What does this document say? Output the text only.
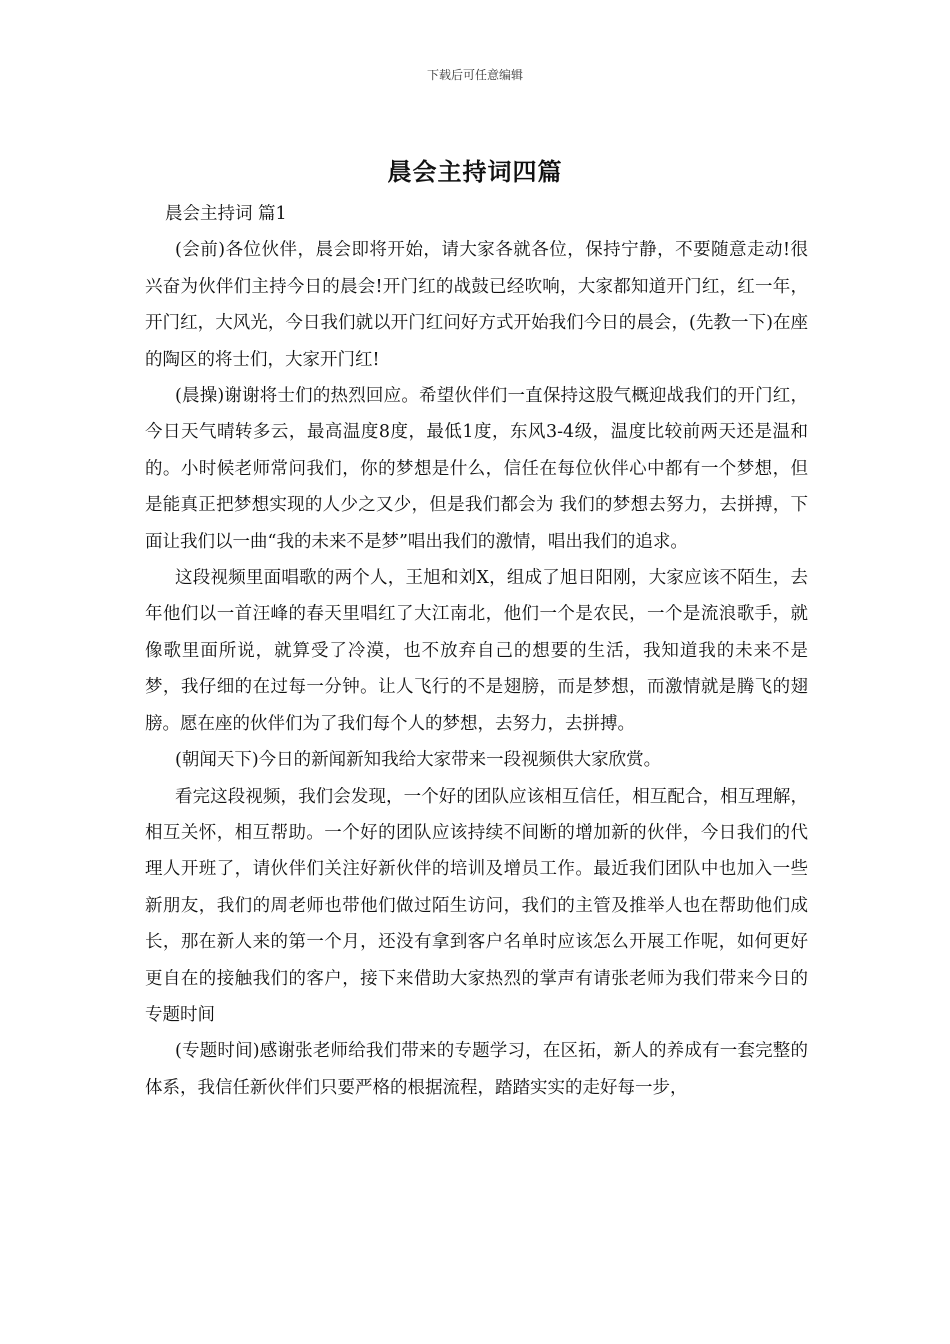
下载后可任意编辑
晨会主持词四篇

晨会主持词 篇1

(会前)各位伙伴，晨会即将开始，请大家各就各位，保持宁静，不要随意走动!很兴奋为伙伴们主持今日的晨会!开门红的战鼓已经吹响，大家都知道开门红，红一年，开门红，大风光，今日我们就以开门红问好方式开始我们今日的晨会，(先教一下)在座的陶区的将士们，大家开门红!

(晨操)谢谢将士们的热烈回应。希望伙伴们一直保持这股气概迎战我们的开门红，今日天气晴转多云，最高温度8度，最低1度，东风3-4级，温度比较前两天还是温和的。小时候老师常问我们，你的梦想是什么，信任在每位伙伴心中都有一个梦想，但是能真正把梦想实现的人少之又少，但是我们都会为 我们的梦想去努力，去拼搏，下面让我们以一曲“我的未来不是梦”唱出我们的激情，唱出我们的追求。

这段视频里面唱歌的两个人，王旭和刘X，组成了旭日阳刚，大家应该不陌生，去年他们以一首汪峰的春天里唱红了大江南北，他们一个是农民，一个是流浪歌手，就像歌里面所说，就算受了冷漠，也不放弃自己的想要的生活，我知道我的未来不是梦，我仔细的在过每一分钟。让人飞行的不是翅膀，而是梦想，而激情就是腾飞的翅膀。愿在座的伙伴们为了我们每个人的梦想，去努力，去拼搏。

(朝闻天下)今日的新闻新知我给大家带来一段视频供大家欣赏。

看完这段视频，我们会发现，一个好的团队应该相互信任，相互配合，相互理解，相互关怀，相互帮助。一个好的团队应该持续不间断的增加新的伙伴，今日我们的代理人开班了，请伙伴们关注好新伙伴的培训及增员工作。最近我们团队中也加入一些新朋友，我们的周老师也带他们做过陌生访问，我们的主管及推举人也在帮助他们成长，那在新人来的第一个月，还没有拿到客户名单时应该怎么开展工作呢，如何更好更自在的接触我们的客户，接下来借助大家热烈的掌声有请张老师为我们带来今日的专题时间

(专题时间)感谢张老师给我们带来的专题学习，在区拓，新人的养成有一套完整的体系，我信任新伙伴们只要严格的根据流程，踏踏实实的走好每一步，
